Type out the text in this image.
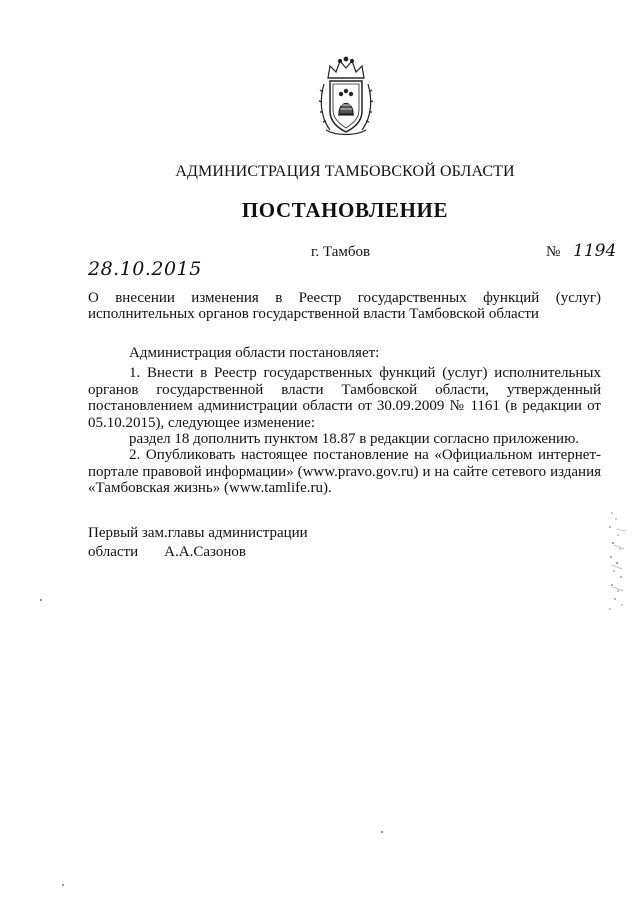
АДМИНИСТРАЦИЯ ТАМБОВСКОЙ ОБЛАСТИ
ПОСТАНОВЛЕНИЕ
г. Тамбов	№ 1194
28.10.2015
О внесении изменения в Реестр государственных функций (услуг) исполнительных органов государственной власти Тамбовской области

Администрация области постановляет:

1. Внести в Реестр государственных функций (услуг) исполнительных органов государственной власти Тамбовской области, утвержденный постановлением администрации области от 30.09.2009 № 1161 (в редакции от 05.10.2015), следующее изменение:

раздел 18 дополнить пунктом 18.87 в редакции согласно приложению.

2. Опубликовать настоящее постановление на «Официальном интернет-портале правовой информации» (www.pravo.gov.ru) и на сайте сетевого издания «Тамбовская жизнь» (www.tamlife.ru).

Первый зам.главы администрации
области А.А.Сазонов
